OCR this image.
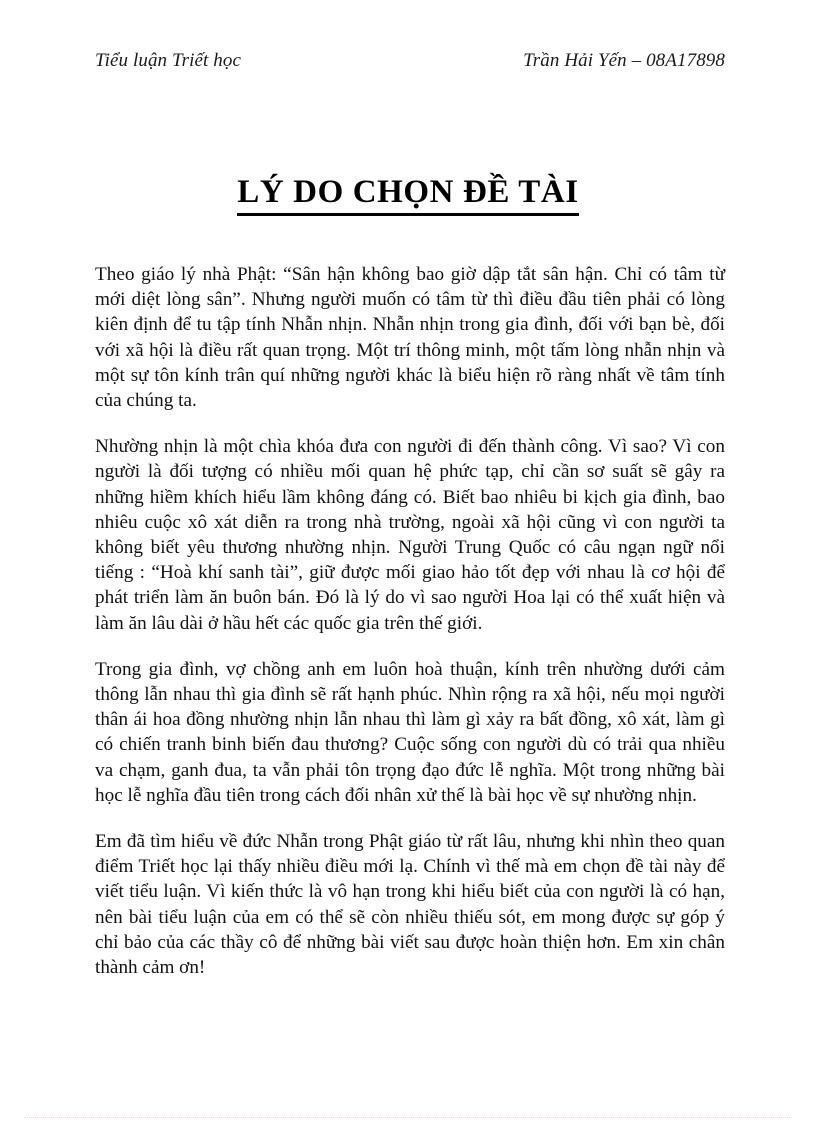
Tiểu luận Triết học	Trần Hải Yến – 08A17898
LÝ DO CHỌN ĐỀ TÀI

Theo giáo lý nhà Phật: “Sân hận không bao giờ dập tắt sân hận. Chỉ có tâm từ mới diệt lòng sân”. Nhưng người muốn có tâm từ thì điều đầu tiên phải có lòng kiên định để tu tập tính Nhẫn nhịn. Nhẫn nhịn trong gia đình, đối với bạn bè, đối với xã hội là điều rất quan trọng. Một trí thông minh, một tấm lòng nhẫn nhịn và một sự tôn kính trân quí những người khác là biểu hiện rõ ràng nhất về tâm tính của chúng ta.

Nhường nhịn là một chìa khóa đưa con người đi đến thành công. Vì sao? Vì con người là đối tượng có nhiều mối quan hệ phức tạp, chỉ cần sơ suất sẽ gây ra những hiềm khích hiểu lầm không đáng có. Biết bao nhiêu bi kịch gia đình, bao nhiêu cuộc xô xát diễn ra trong nhà trường, ngoài xã hội cũng vì con người ta không biết yêu thương nhường nhịn. Người Trung Quốc có câu ngạn ngữ nổi tiếng : “Hoà khí sanh tài”, giữ được mối giao hảo tốt đẹp với nhau là cơ hội để phát triển làm ăn buôn bán. Đó là lý do vì sao người Hoa lại có thể xuất hiện và làm ăn lâu dài ở hầu hết các quốc gia trên thế giới.

Trong gia đình, vợ chồng anh em luôn hoà thuận, kính trên nhường dưới cảm thông lẫn nhau thì gia đình sẽ rất hạnh phúc. Nhìn rộng ra xã hội, nếu mọi người thân ái hoa đồng nhường nhịn lẫn nhau thì làm gì xảy ra bất đồng, xô xát, làm gì có chiến tranh binh biến đau thương? Cuộc sống con người dù có trải qua nhiều va chạm, ganh đua, ta vẫn phải tôn trọng đạo đức lễ nghĩa. Một trong những bài học lễ nghĩa đầu tiên trong cách đối nhân xử thế là bài học về sự nhường nhịn.

Em đã tìm hiểu về đức Nhẫn trong Phật giáo từ rất lâu, nhưng khi nhìn theo quan điểm Triết học lại thấy nhiều điều mới lạ. Chính vì thế mà em chọn đề tài này để viết tiểu luận. Vì kiến thức là vô hạn trong khi hiểu biết của con người là có hạn, nên bài tiểu luận của em có thể sẽ còn nhiều thiếu sót, em mong được sự góp ý chỉ bảo của các thầy cô để những bài viết sau được hoàn thiện hơn. Em xin chân thành cảm ơn!
